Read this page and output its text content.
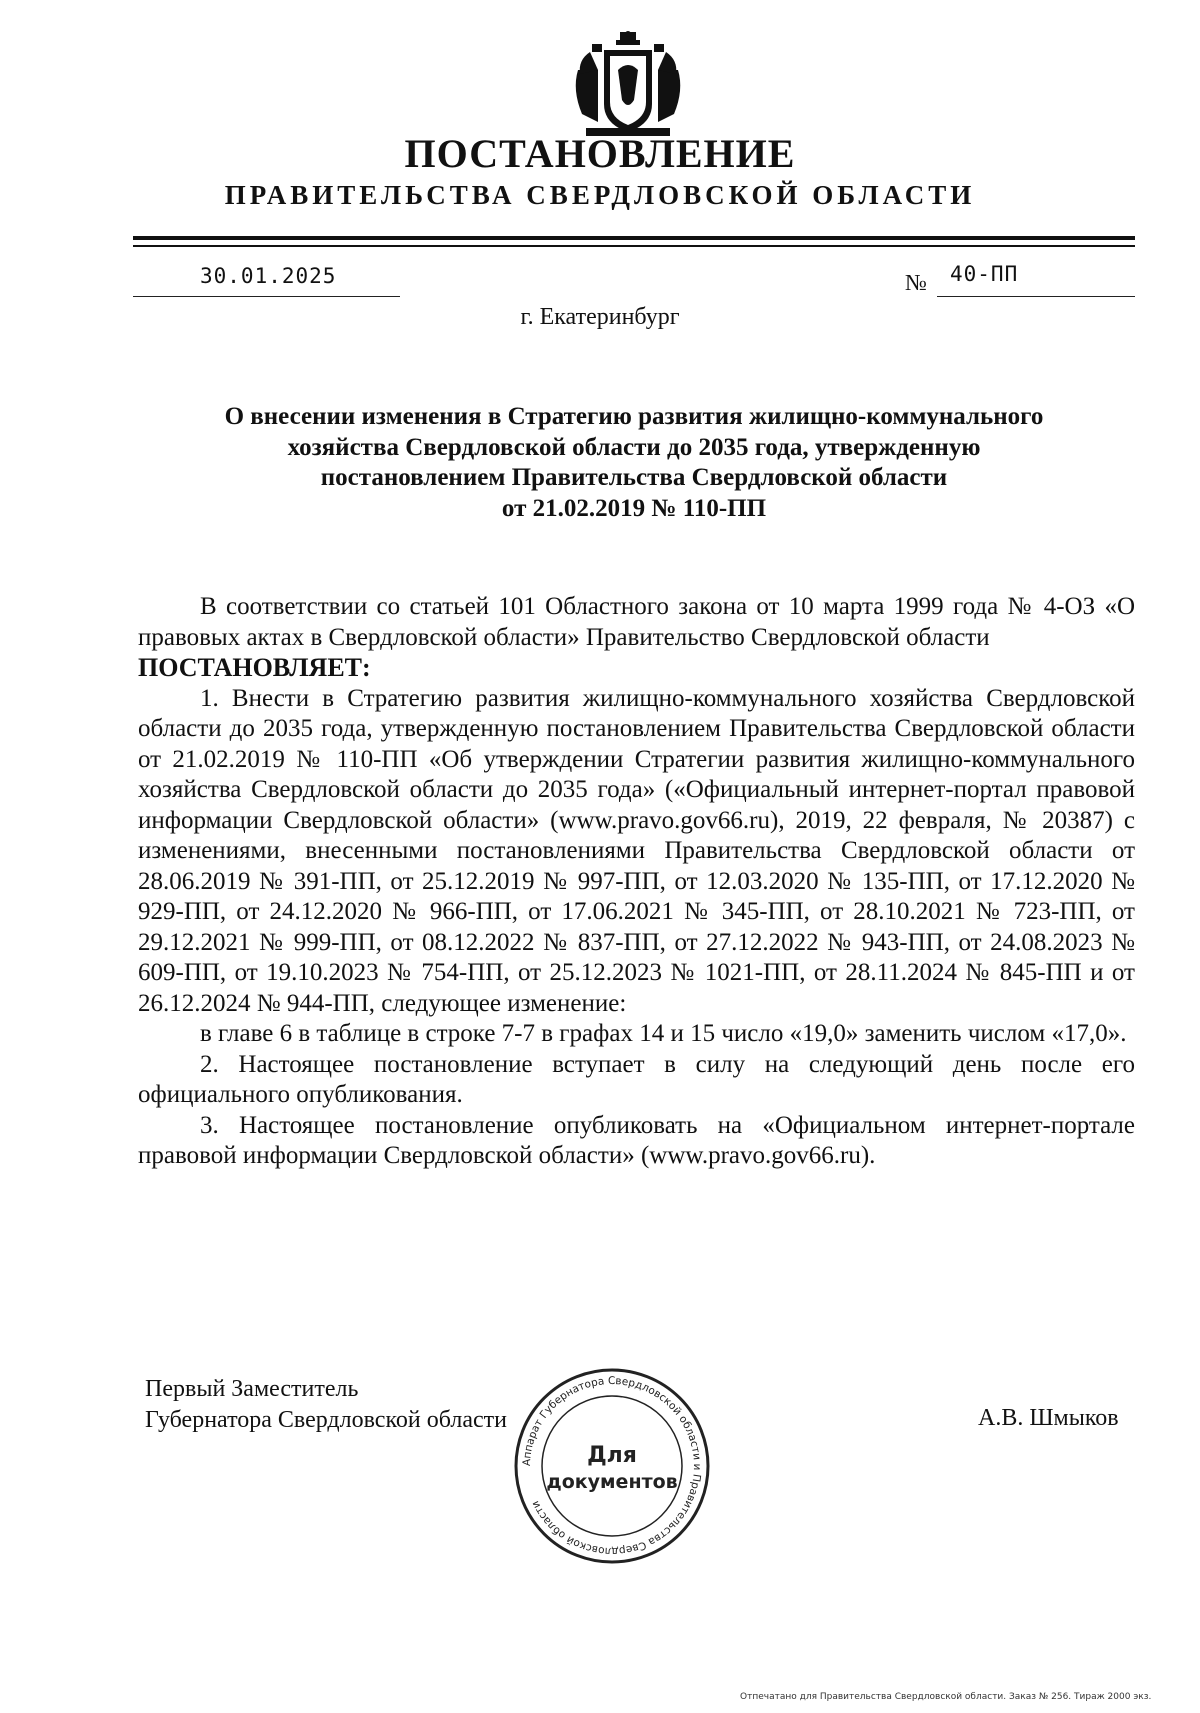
ПОСТАНОВЛЕНИЕ
ПРАВИТЕЛЬСТВА СВЕРДЛОВСКОЙ ОБЛАСТИ
30.01.2025	№ 40-ПП
г. Екатеринбург
О внесении изменения в Стратегию развития жилищно-коммунального
хозяйства Свердловской области до 2035 года, утвержденную
постановлением Правительства Свердловской области
от 21.02.2019 № 110-ПП

В соответствии со статьей 101 Областного закона от 10 марта 1999 года № 4-ОЗ «О правовых актах в Свердловской области» Правительство Свердловской области

ПОСТАНОВЛЯЕТ:

1. Внести в Стратегию развития жилищно-коммунального хозяйства Свердловской области до 2035 года, утвержденную постановлением Правительства Свердловской области от 21.02.2019 № 110-ПП «Об утверждении Стратегии развития жилищно-коммунального хозяйства Свердловской области до 2035 года» («Официальный интернет-портал правовой информации Свердловской области» (www.pravo.gov66.ru), 2019, 22 февраля, № 20387) с изменениями, внесенными постановлениями Правительства Свердловской области от 28.06.2019 № 391-ПП, от 25.12.2019 № 997-ПП, от 12.03.2020 № 135-ПП, от 17.12.2020 № 929-ПП, от 24.12.2020 № 966-ПП, от 17.06.2021 № 345-ПП, от 28.10.2021 № 723-ПП, от 29.12.2021 № 999-ПП, от 08.12.2022 № 837-ПП, от 27.12.2022 № 943-ПП, от 24.08.2023 № 609-ПП, от 19.10.2023 № 754-ПП, от 25.12.2023 № 1021-ПП, от 28.11.2024 № 845-ПП и от 26.12.2024 № 944-ПП, следующее изменение:

в главе 6 в таблице в строке 7-7 в графах 14 и 15 число «19,0» заменить числом «17,0».

2. Настоящее постановление вступает в силу на следующий день после его официального опубликования.

3. Настоящее постановление опубликовать на «Официальном интернет-портале правовой информации Свердловской области» (www.pravo.gov66.ru).

Первый Заместитель
Губернатора Свердловской области	А.В. Шмыков
Аппарат Губернатора Свердловской области и Правительства Свердловской области
Для
документов
Отпечатано для Правительства Свердловской области. Заказ № 256. Тираж 2000 экз.
